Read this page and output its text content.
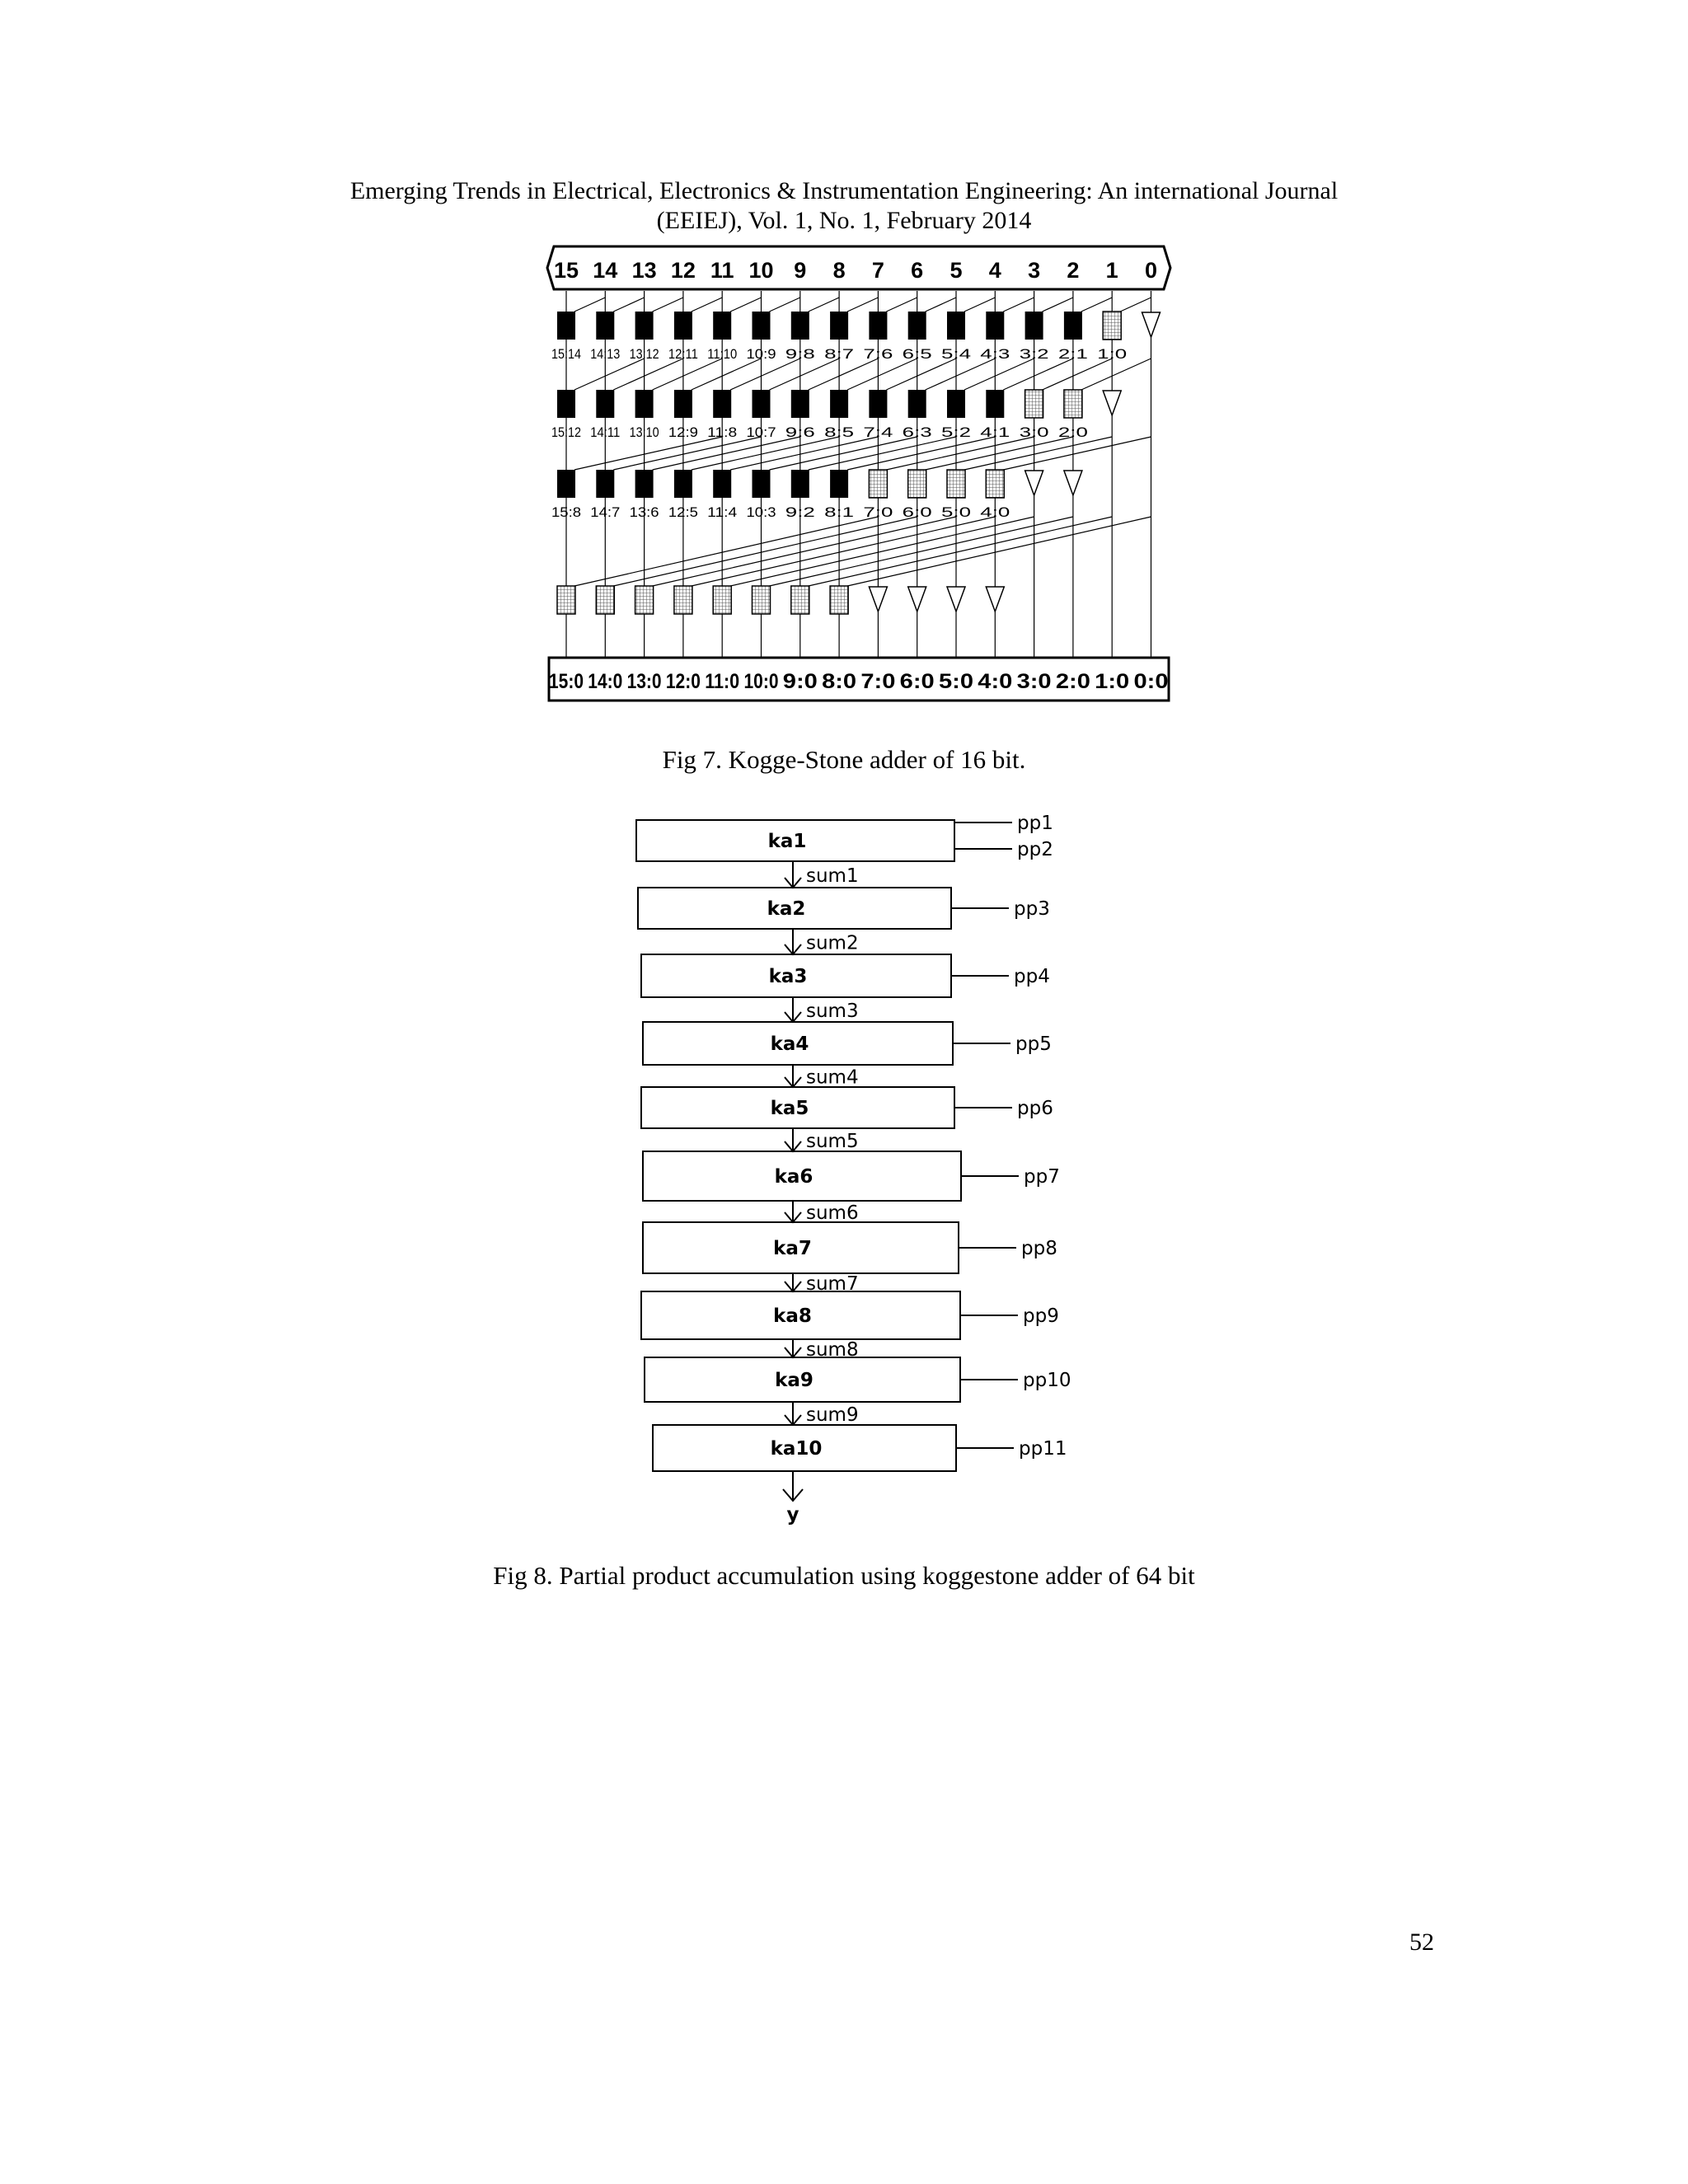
Emerging Trends in Electrical, Electronics & Instrumentation Engineering: An international Journal
(EEIEJ), Vol. 1, No. 1, February 2014
15 14 13 12 11 10 9 8 7 6 5 4 3 2 1 0
15:0 14:0 13:0 12:0 11:0 10:0 9:0 8:0 7:0 6:0 5:0 4:0 3:0 2:0 1:0 0:0
15:14 14:13 13:12 12:11 11:10 10:9 9:8 8:7 7:6 6:5 5:4 4:3 3:2 2:1 1:0
15:12 14:11 13:10 12:9 11:8 10:7 9:6 8:5 7:4 6:3 5:2 4:1 3:0 2:0
15:8 14:7 13:6 12:5 11:4 10:3 9:2 8:1 7:0 6:0 5:0 4:0
Fig 7. Kogge-Stone adder of 16 bit.
ka1
ka2
ka3
ka4
ka5
ka6
ka7
ka8
ka9
ka10
sum1
sum2
sum3
sum4
sum5
sum6
sum7
sum8
sum9
y
pp1
pp2
pp3
pp4
pp5
pp6
pp7
pp8
pp9
pp10
pp11
Fig 8. Partial product accumulation using koggestone adder of 64 bit
52
